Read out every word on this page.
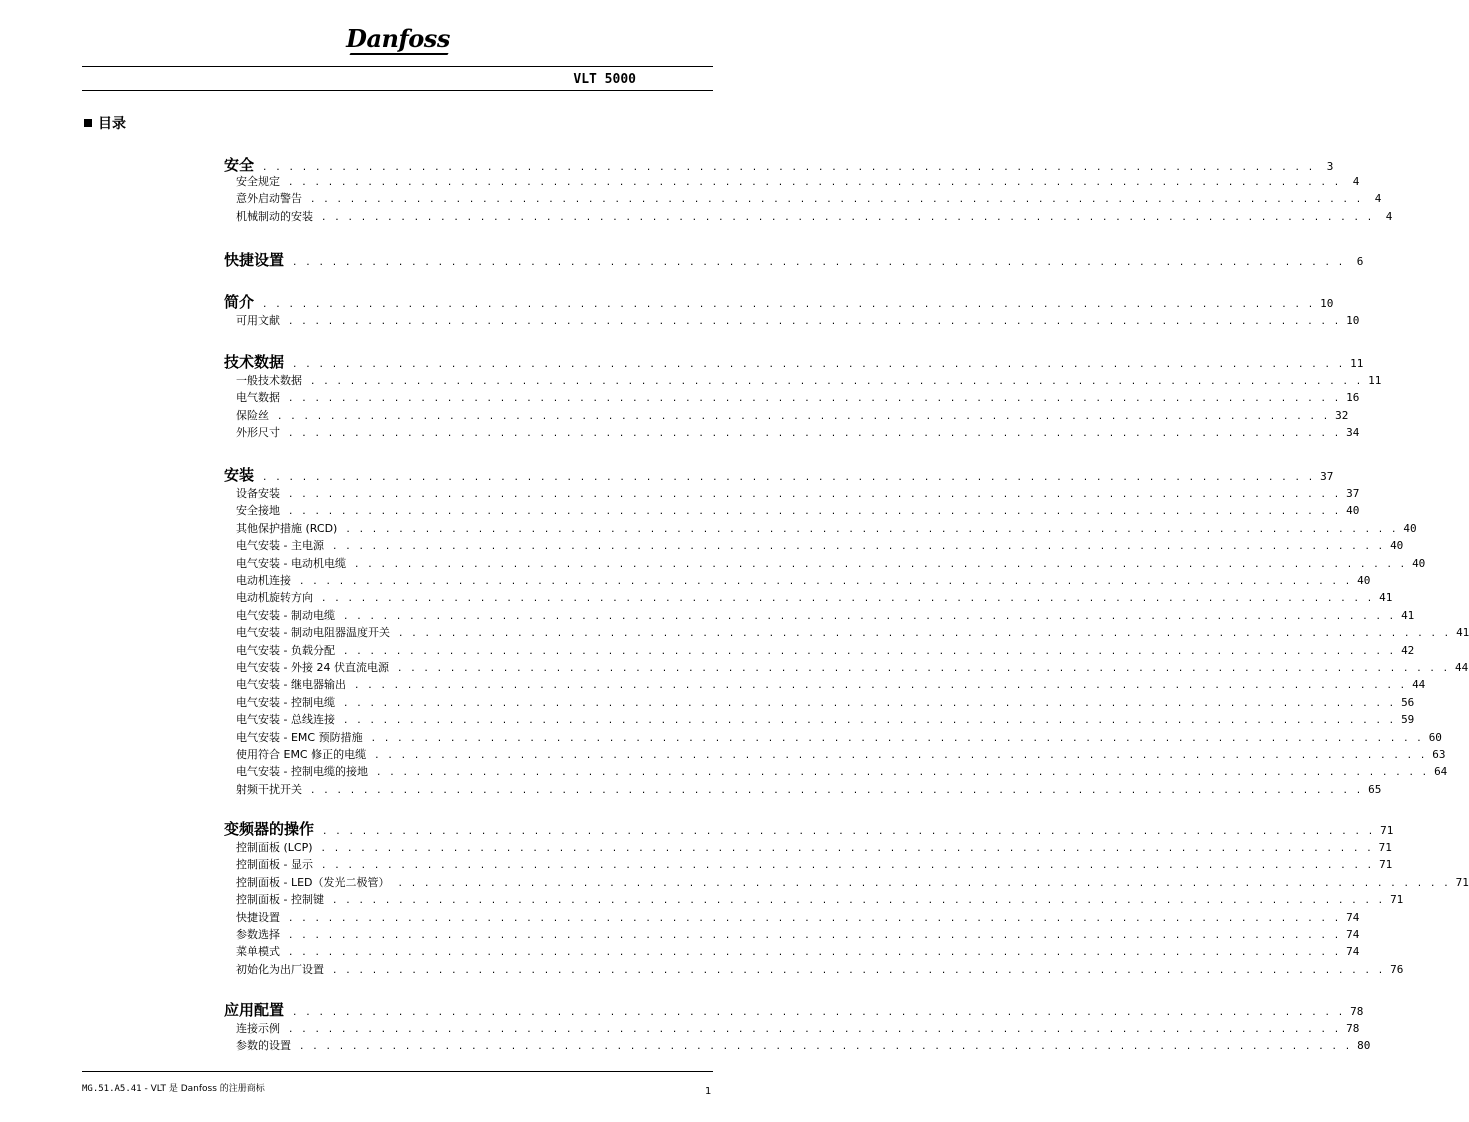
Danfoss
VLT 5000
目录
安全 . . . . . . . . . . . . . . . . . . . . . . . . . . . . . . . . . . . . . . . . . . . . . . . . . . . . . . . . . . . . . . . . . . . . . . . . . . . . . . . .	3
安全规定 . . . . . . . . . . . . . . . . . . . . . . . . . . . . . . . . . . . . . . . . . . . . . . . . . . . . . . . . . . . . . . . . . . . . . . . . . . . . . . . .	4
意外启动警告 . . . . . . . . . . . . . . . . . . . . . . . . . . . . . . . . . . . . . . . . . . . . . . . . . . . . . . . . . . . . . . . . . . . . . . . . . . . . . . . .	4
机械制动的安装 . . . . . . . . . . . . . . . . . . . . . . . . . . . . . . . . . . . . . . . . . . . . . . . . . . . . . . . . . . . . . . . . . . . . . . . . . . . . . . . .	4
快捷设置 . . . . . . . . . . . . . . . . . . . . . . . . . . . . . . . . . . . . . . . . . . . . . . . . . . . . . . . . . . . . . . . . . . . . . . . . . . . . . . . .	6
简介 . . . . . . . . . . . . . . . . . . . . . . . . . . . . . . . . . . . . . . . . . . . . . . . . . . . . . . . . . . . . . . . . . . . . . . . . . . . . . . . . 10
可用文献 . . . . . . . . . . . . . . . . . . . . . . . . . . . . . . . . . . . . . . . . . . . . . . . . . . . . . . . . . . . . . . . . . . . . . . . . . . . . . . . . 10
技术数据 . . . . . . . . . . . . . . . . . . . . . . . . . . . . . . . . . . . . . . . . . . . . . . . . . . . . . . . . . . . . . . . . . . . . . . . . . . . . . . . . 11
一般技术数据 . . . . . . . . . . . . . . . . . . . . . . . . . . . . . . . . . . . . . . . . . . . . . . . . . . . . . . . . . . . . . . . . . . . . . . . . . . . . . . . . 11
电气数据 . . . . . . . . . . . . . . . . . . . . . . . . . . . . . . . . . . . . . . . . . . . . . . . . . . . . . . . . . . . . . . . . . . . . . . . . . . . . . . . . 16
保险丝 . . . . . . . . . . . . . . . . . . . . . . . . . . . . . . . . . . . . . . . . . . . . . . . . . . . . . . . . . . . . . . . . . . . . . . . . . . . . . . . . 32
外形尺寸 . . . . . . . . . . . . . . . . . . . . . . . . . . . . . . . . . . . . . . . . . . . . . . . . . . . . . . . . . . . . . . . . . . . . . . . . . . . . . . . . 34
安装 . . . . . . . . . . . . . . . . . . . . . . . . . . . . . . . . . . . . . . . . . . . . . . . . . . . . . . . . . . . . . . . . . . . . . . . . . . . . . . . . 37
设备安装 . . . . . . . . . . . . . . . . . . . . . . . . . . . . . . . . . . . . . . . . . . . . . . . . . . . . . . . . . . . . . . . . . . . . . . . . . . . . . . . . 37
安全接地 . . . . . . . . . . . . . . . . . . . . . . . . . . . . . . . . . . . . . . . . . . . . . . . . . . . . . . . . . . . . . . . . . . . . . . . . . . . . . . . . 40
其他保护措施 (RCD) . . . . . . . . . . . . . . . . . . . . . . . . . . . . . . . . . . . . . . . . . . . . . . . . . . . . . . . . . . . . . . . . . . . . . . . . . . . . . . . . 40
电气安装 - 主电源 . . . . . . . . . . . . . . . . . . . . . . . . . . . . . . . . . . . . . . . . . . . . . . . . . . . . . . . . . . . . . . . . . . . . . . . . . . . . . . . . 40
电气安装 - 电动机电缆 . . . . . . . . . . . . . . . . . . . . . . . . . . . . . . . . . . . . . . . . . . . . . . . . . . . . . . . . . . . . . . . . . . . . . . . . . . . . . . . . 40
电动机连接 . . . . . . . . . . . . . . . . . . . . . . . . . . . . . . . . . . . . . . . . . . . . . . . . . . . . . . . . . . . . . . . . . . . . . . . . . . . . . . . . 40
电动机旋转方向 . . . . . . . . . . . . . . . . . . . . . . . . . . . . . . . . . . . . . . . . . . . . . . . . . . . . . . . . . . . . . . . . . . . . . . . . . . . . . . . . 41
电气安装 - 制动电缆 . . . . . . . . . . . . . . . . . . . . . . . . . . . . . . . . . . . . . . . . . . . . . . . . . . . . . . . . . . . . . . . . . . . . . . . . . . . . . . . . 41
电气安装 - 制动电阻器温度开关 . . . . . . . . . . . . . . . . . . . . . . . . . . . . . . . . . . . . . . . . . . . . . . . . . . . . . . . . . . . . . . . . . . . . . . . . . . . . . . . . 41
电气安装 - 负载分配 . . . . . . . . . . . . . . . . . . . . . . . . . . . . . . . . . . . . . . . . . . . . . . . . . . . . . . . . . . . . . . . . . . . . . . . . . . . . . . . . 42
电气安装 - 外接 24 伏直流电源 . . . . . . . . . . . . . . . . . . . . . . . . . . . . . . . . . . . . . . . . . . . . . . . . . . . . . . . . . . . . . . . . . . . . . . . . . . . . . . . . 44
电气安装 - 继电器输出 . . . . . . . . . . . . . . . . . . . . . . . . . . . . . . . . . . . . . . . . . . . . . . . . . . . . . . . . . . . . . . . . . . . . . . . . . . . . . . . . 44
电气安装 - 控制电缆 . . . . . . . . . . . . . . . . . . . . . . . . . . . . . . . . . . . . . . . . . . . . . . . . . . . . . . . . . . . . . . . . . . . . . . . . . . . . . . . . 56
电气安装 - 总线连接 . . . . . . . . . . . . . . . . . . . . . . . . . . . . . . . . . . . . . . . . . . . . . . . . . . . . . . . . . . . . . . . . . . . . . . . . . . . . . . . . 59
电气安装 - EMC 预防措施 . . . . . . . . . . . . . . . . . . . . . . . . . . . . . . . . . . . . . . . . . . . . . . . . . . . . . . . . . . . . . . . . . . . . . . . . . . . . . . . . 60
使用符合 EMC 修正的电缆 . . . . . . . . . . . . . . . . . . . . . . . . . . . . . . . . . . . . . . . . . . . . . . . . . . . . . . . . . . . . . . . . . . . . . . . . . . . . . . . . 63
电气安装 - 控制电缆的接地 . . . . . . . . . . . . . . . . . . . . . . . . . . . . . . . . . . . . . . . . . . . . . . . . . . . . . . . . . . . . . . . . . . . . . . . . . . . . . . . . 64
射频干扰开关 . . . . . . . . . . . . . . . . . . . . . . . . . . . . . . . . . . . . . . . . . . . . . . . . . . . . . . . . . . . . . . . . . . . . . . . . . . . . . . . . 65
变频器的操作 . . . . . . . . . . . . . . . . . . . . . . . . . . . . . . . . . . . . . . . . . . . . . . . . . . . . . . . . . . . . . . . . . . . . . . . . . . . . . . . . 71
控制面板 (LCP) . . . . . . . . . . . . . . . . . . . . . . . . . . . . . . . . . . . . . . . . . . . . . . . . . . . . . . . . . . . . . . . . . . . . . . . . . . . . . . . . 71
控制面板 - 显示 . . . . . . . . . . . . . . . . . . . . . . . . . . . . . . . . . . . . . . . . . . . . . . . . . . . . . . . . . . . . . . . . . . . . . . . . . . . . . . . . 71
控制面板 - LED（发光二极管） . . . . . . . . . . . . . . . . . . . . . . . . . . . . . . . . . . . . . . . . . . . . . . . . . . . . . . . . . . . . . . . . . . . . . . . . . . . . . . . . 71
控制面板 - 控制键 . . . . . . . . . . . . . . . . . . . . . . . . . . . . . . . . . . . . . . . . . . . . . . . . . . . . . . . . . . . . . . . . . . . . . . . . . . . . . . . . 71
快捷设置 . . . . . . . . . . . . . . . . . . . . . . . . . . . . . . . . . . . . . . . . . . . . . . . . . . . . . . . . . . . . . . . . . . . . . . . . . . . . . . . . 74
参数选择 . . . . . . . . . . . . . . . . . . . . . . . . . . . . . . . . . . . . . . . . . . . . . . . . . . . . . . . . . . . . . . . . . . . . . . . . . . . . . . . . 74
菜单模式 . . . . . . . . . . . . . . . . . . . . . . . . . . . . . . . . . . . . . . . . . . . . . . . . . . . . . . . . . . . . . . . . . . . . . . . . . . . . . . . . 74
初始化为出厂设置 . . . . . . . . . . . . . . . . . . . . . . . . . . . . . . . . . . . . . . . . . . . . . . . . . . . . . . . . . . . . . . . . . . . . . . . . . . . . . . . . 76
应用配置 . . . . . . . . . . . . . . . . . . . . . . . . . . . . . . . . . . . . . . . . . . . . . . . . . . . . . . . . . . . . . . . . . . . . . . . . . . . . . . . . 78
连接示例 . . . . . . . . . . . . . . . . . . . . . . . . . . . . . . . . . . . . . . . . . . . . . . . . . . . . . . . . . . . . . . . . . . . . . . . . . . . . . . . . 78
参数的设置 . . . . . . . . . . . . . . . . . . . . . . . . . . . . . . . . . . . . . . . . . . . . . . . . . . . . . . . . . . . . . . . . . . . . . . . . . . . . . . . . 80
MG.51.A5.41 - VLT 是 Danfoss 的注册商标	1
